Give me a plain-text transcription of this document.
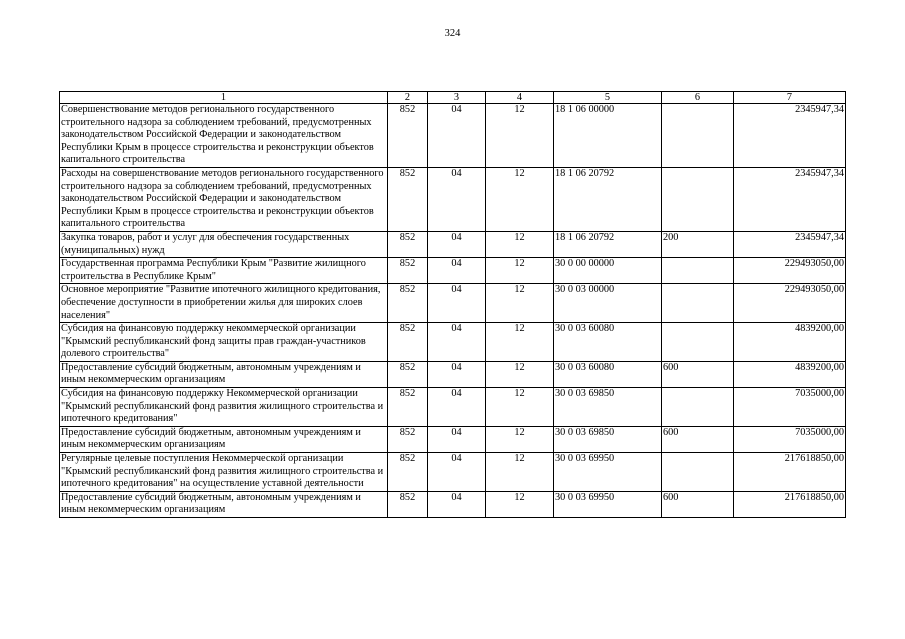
324
1	2	3	4	5	6	7
Совершенствование методов регионального государственного строительного надзора за соблюдением требований, предусмотренных законодательством Российской Федерации и законодательством Республики Крым в процессе строительства и реконструкции объектов капитального строительства	852	04	12	18 1 06 00000		2345947,34
Расходы на совершенствование методов регионального государственного строительного надзора за соблюдением требований, предусмотренных законодательством Российской Федерации и законодательством Республики Крым в процессе строительства и реконструкции объектов капитального строительства	852	04	12	18 1 06 20792		2345947,34
Закупка товаров, работ и услуг для обеспечения государственных (муниципальных) нужд	852	04	12	18 1 06 20792	200	2345947,34
Государственная программа Республики Крым "Развитие жилищного строительства в Республике Крым"	852	04	12	30 0 00 00000		229493050,00
Основное мероприятие "Развитие ипотечного жилищного кредитования, обеспечение доступности в приобретении жилья для широких слоев населения"	852	04	12	30 0 03 00000		229493050,00
Субсидия на финансовую поддержку некоммерческой организации "Крымский республиканский фонд защиты прав граждан-участников долевого строительства"	852	04	12	30 0 03 60080		4839200,00
Предоставление субсидий бюджетным, автономным учреждениям и иным некоммерческим организациям	852	04	12	30 0 03 60080	600	4839200,00
Субсидия на финансовую поддержку Некоммерческой организации "Крымский республиканский фонд развития жилищного строительства и ипотечного кредитования"	852	04	12	30 0 03 69850		7035000,00
Предоставление субсидий бюджетным, автономным учреждениям и иным некоммерческим организациям	852	04	12	30 0 03 69850	600	7035000,00
Регулярные целевые поступления Некоммерческой организации "Крымский республиканский фонд развития жилищного строительства и ипотечного кредитования" на осуществление уставной деятельности	852	04	12	30 0 03 69950		217618850,00
Предоставление субсидий бюджетным, автономным учреждениям и иным некоммерческим организациям	852	04	12	30 0 03 69950	600	217618850,00
